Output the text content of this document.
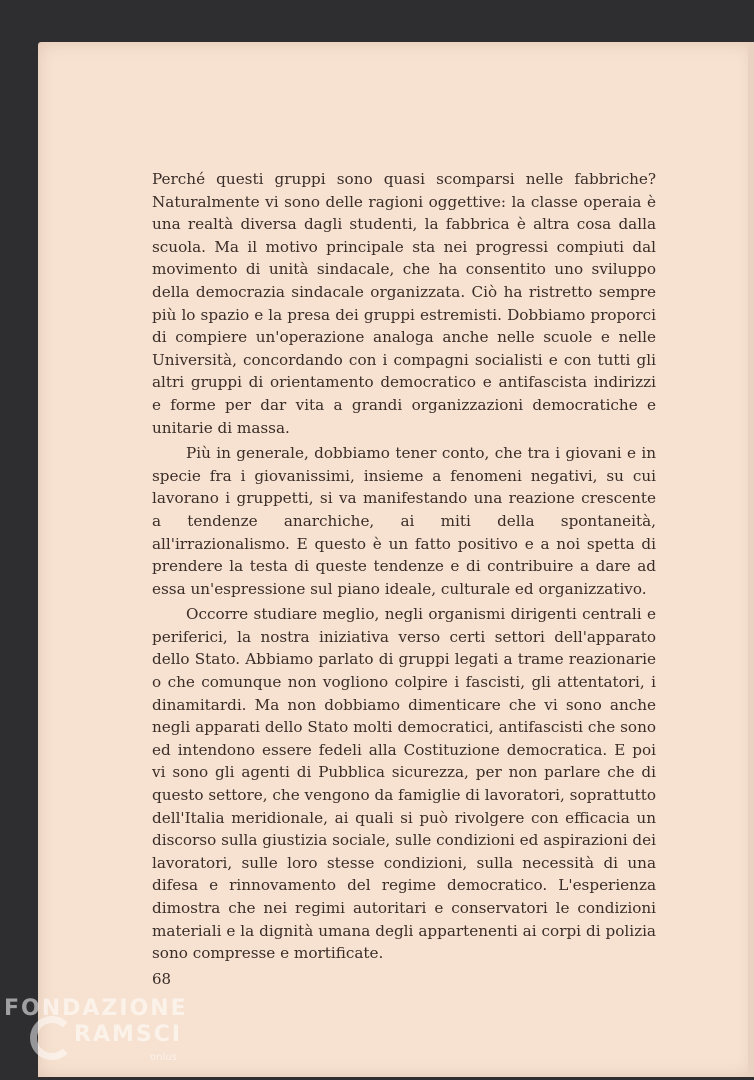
Perché questi gruppi sono quasi scomparsi nelle fabbriche? Naturalmente vi sono delle ragioni oggettive: la classe operaia è una realtà diversa dagli studenti, la fabbrica è altra cosa dalla scuola. Ma il motivo principale sta nei progressi compiuti dal movimento di unità sindacale, che ha consentito uno sviluppo della democrazia sindacale organizzata. Ciò ha ristretto sempre più lo spazio e la presa dei gruppi estremisti. Dobbiamo proporci di compiere un'operazione analoga anche nelle scuole e nelle Università, concordando con i compagni socialisti e con tutti gli altri gruppi di orientamento democratico e antifascista indirizzi e forme per dar vita a grandi organizzazioni democratiche e unitarie di massa.

Più in generale, dobbiamo tener conto, che tra i giovani e in specie fra i giovanissimi, insieme a fenomeni negativi, su cui lavorano i gruppetti, si va manifestando una reazione crescente a tendenze anarchiche, ai miti della spontaneità, all'irrazionalismo. E questo è un fatto positivo e a noi spetta di prendere la testa di queste tendenze e di contribuire a dare ad essa un'espressione sul piano ideale, culturale ed organizzativo.

Occorre studiare meglio, negli organismi dirigenti centrali e periferici, la nostra iniziativa verso certi settori dell'apparato dello Stato. Abbiamo parlato di gruppi legati a trame reazionarie o che comunque non vogliono colpire i fascisti, gli attentatori, i dinamitardi. Ma non dobbiamo dimenticare che vi sono anche negli apparati dello Stato molti democratici, antifascisti che sono ed intendono essere fedeli alla Costituzione democratica. E poi vi sono gli agenti di Pubblica sicurezza, per non parlare che di questo settore, che vengono da famiglie di lavoratori, soprattutto dell'Italia meridionale, ai quali si può rivolgere con efficacia un discorso sulla giustizia sociale, sulle condizioni ed aspirazioni dei lavoratori, sulle loro stesse condizioni, sulla necessità di una difesa e rinnovamento del regime democratico. L'esperienza dimostra che nei regimi autoritari e conservatori le condizioni materiali e la dignità umana degli appartenenti ai corpi di polizia sono compresse e mortificate.

68
FONDAZIONE
RAMSCI
onlus
